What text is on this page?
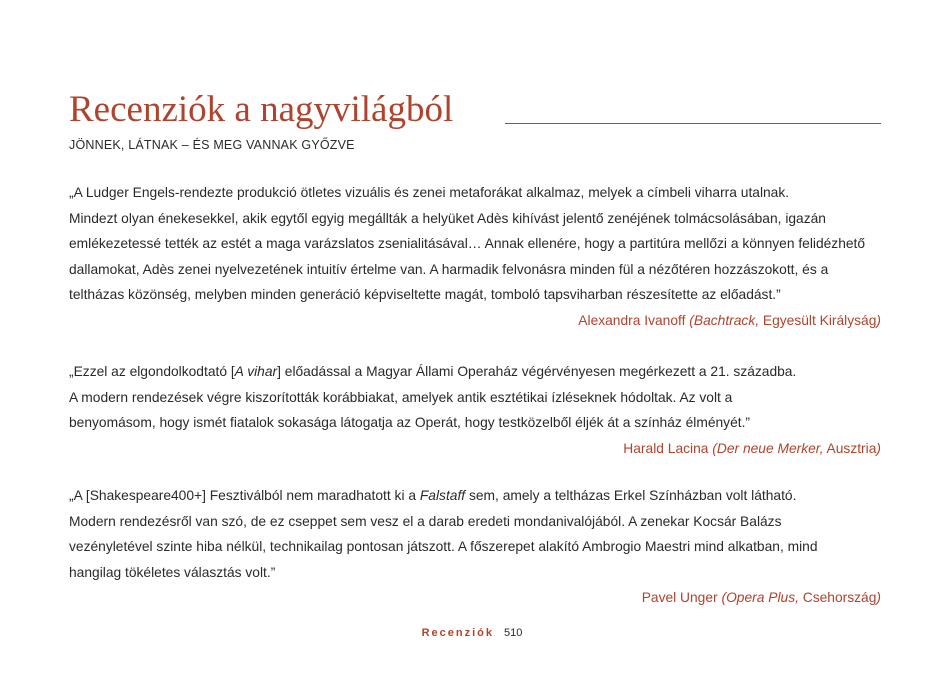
Recenziók a nagyvilágból
JÖNNEK, LÁTNAK – ÉS MEG VANNAK GYŐZVE

„A Ludger Engels-rendezte produkció ötletes vizuális és zenei metaforákat alkalmaz, melyek a címbeli viharra utalnak.
Mindezt olyan énekesekkel, akik egytől egyig megállták a helyüket Adès kihívást jelentő zenéjének tolmácsolásában, igazán
emlékezetessé tették az estét a maga varázslatos zsenialitásával… Annak ellenére, hogy a partitúra mellőzi a könnyen felidézhető
dallamokat, Adès zenei nyelvezetének intuitív értelme van. A harmadik felvonásra minden fül a nézőtéren hozzászokott, és a
teltházas közönség, melyben minden generáció képviseltette magát, tomboló tapsviharban részesítette az előadást.”

Alexandra Ivanoff (Bachtrack, Egyesült Királyság)

„Ezzel az elgondolkodtató [A vihar] előadással a Magyar Állami Operaház végérvényesen megérkezett a 21. századba.
A modern rendezések végre kiszorították korábbiakat, amelyek antik esztétikai ízléseknek hódoltak. Az volt a
benyomásom, hogy ismét fiatalok sokasága látogatja az Operát, hogy testközelből éljék át a színház élményét.”

Harald Lacina (Der neue Merker, Ausztria)

„A [Shakespeare400+] Fesztiválból nem maradhatott ki a Falstaff sem, amely a teltházas Erkel Színházban volt látható.
Modern rendezésről van szó, de ez cseppet sem vesz el a darab eredeti mondanivalójából. A zenekar Kocsár Balázs
vezényletével szinte hiba nélkül, technikailag pontosan játszott. A főszerepet alakító Ambrogio Maestri mind alkatban, mind
hangilag tökéletes választás volt.”

Pavel Unger (Opera Plus, Csehország)
Recenziók 510
